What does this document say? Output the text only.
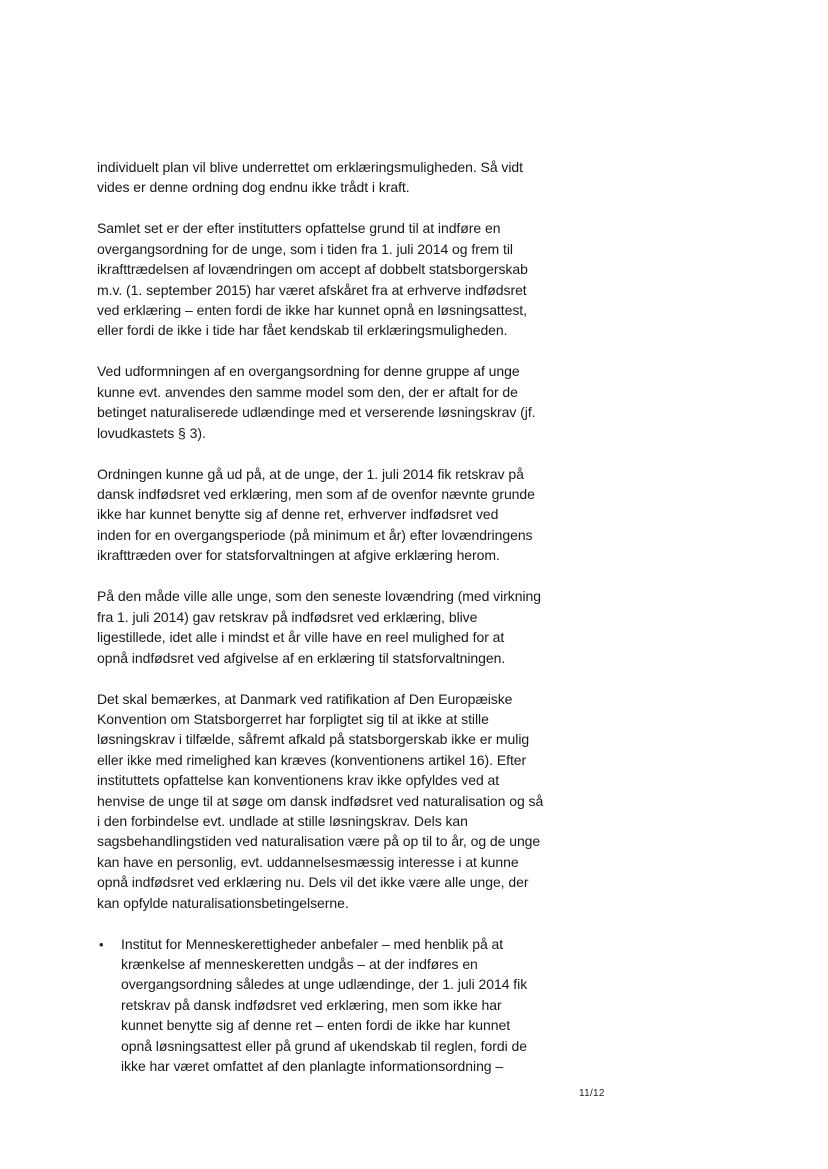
individuelt plan vil blive underrettet om erklæringsmuligheden. Så vidt
vides er denne ordning dog endnu ikke trådt i kraft.
Samlet set er der efter institutters opfattelse grund til at indføre en
overgangsordning for de unge, som i tiden fra 1. juli 2014 og frem til
ikrafttrædelsen af lovændringen om accept af dobbelt statsborgerskab
m.v. (1. september 2015) har været afskåret fra at erhverve indfødsret
ved erklæring – enten fordi de ikke har kunnet opnå en løsningsattest,
eller fordi de ikke i tide har fået kendskab til erklæringsmuligheden.
Ved udformningen af en overgangsordning for denne gruppe af unge
kunne evt. anvendes den samme model som den, der er aftalt for de
betinget naturaliserede udlændinge med et verserende løsningskrav (jf.
lovudkastets § 3).
Ordningen kunne gå ud på, at de unge, der 1. juli 2014 fik retskrav på
dansk indfødsret ved erklæring, men som af de ovenfor nævnte grunde
ikke har kunnet benytte sig af denne ret, erhverver indfødsret ved
inden for en overgangsperiode (på minimum et år) efter lovændringens
ikrafttræden over for statsforvaltningen at afgive erklæring herom.
På den måde ville alle unge, som den seneste lovændring (med virkning
fra 1. juli 2014) gav retskrav på indfødsret ved erklæring, blive
ligestillede, idet alle i mindst et år ville have en reel mulighed for at
opnå indfødsret ved afgivelse af en erklæring til statsforvaltningen.
Det skal bemærkes, at Danmark ved ratifikation af Den Europæiske
Konvention om Statsborgerret har forpligtet sig til at ikke at stille
løsningskrav i tilfælde, såfremt afkald på statsborgerskab ikke er mulig
eller ikke med rimelighed kan kræves (konventionens artikel 16). Efter
instituttets opfattelse kan konventionens krav ikke opfyldes ved at
henvise de unge til at søge om dansk indfødsret ved naturalisation og så
i den forbindelse evt. undlade at stille løsningskrav. Dels kan
sagsbehandlingstiden ved naturalisation være på op til to år, og de unge
kan have en personlig, evt. uddannelsesmæssig interesse i at kunne
opnå indfødsret ved erklæring nu. Dels vil det ikke være alle unge, der
kan opfylde naturalisationsbetingelserne.
• Institut for Menneskerettigheder anbefaler – med henblik på at
krænkelse af menneskeretten undgås – at der indføres en
overgangsordning således at unge udlændinge, der 1. juli 2014 fik
retskrav på dansk indfødsret ved erklæring, men som ikke har
kunnet benytte sig af denne ret – enten fordi de ikke har kunnet
opnå løsningsattest eller på grund af ukendskab til reglen, fordi de
ikke har været omfattet af den planlagte informationsordning –
11/12
